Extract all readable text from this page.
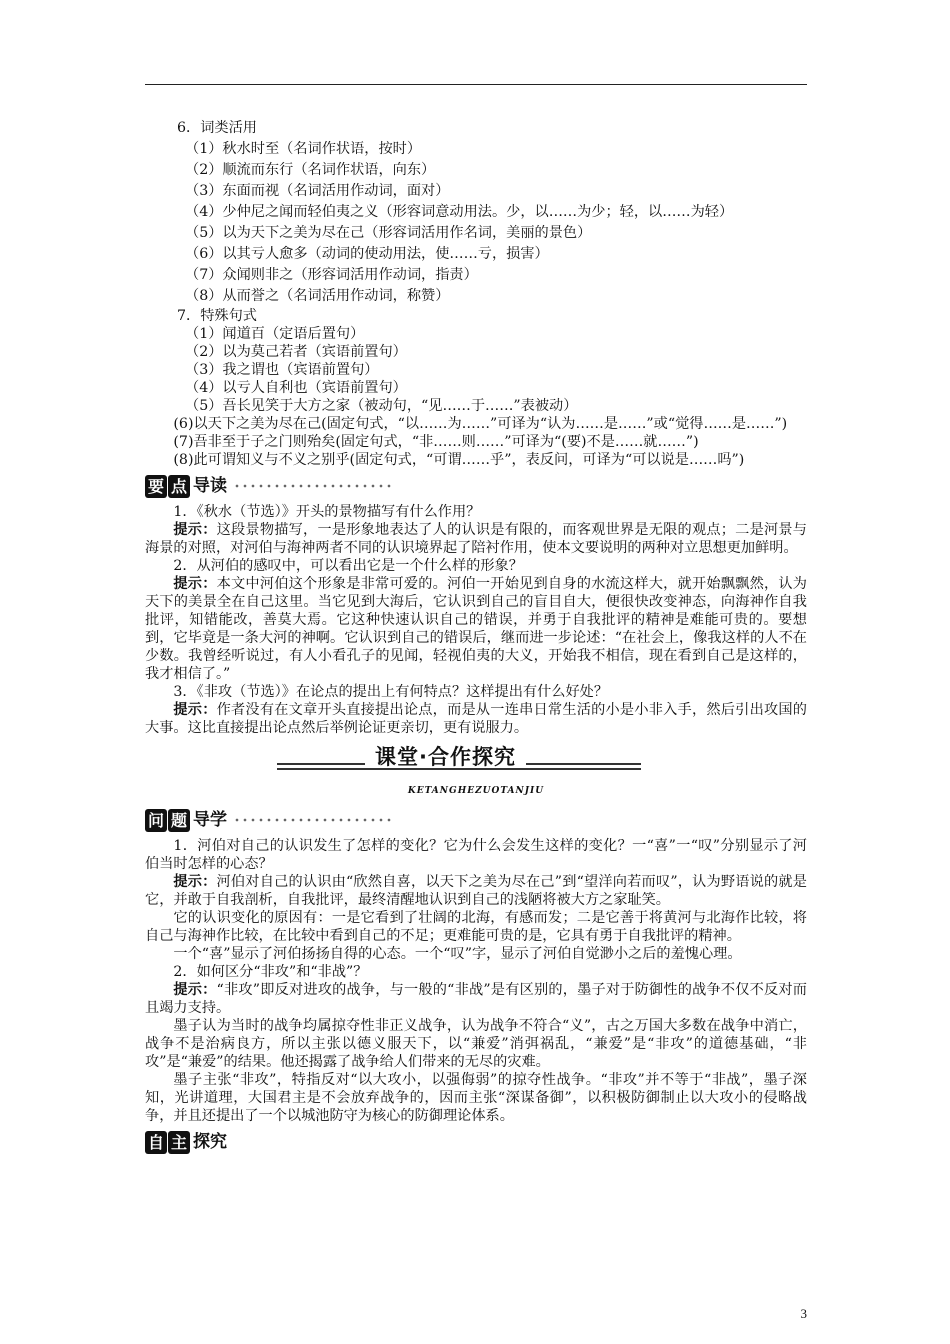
6．词类活用

（1）秋水时至（名词作状语，按时）

（2）顺流而东行（名词作状语，向东）

（3）东面而视（名词活用作动词，面对）

（4）少仲尼之闻而轻伯夷之义（形容词意动用法。少，以……为少；轻，以……为轻）

（5）以为天下之美为尽在己（形容词活用作名词，美丽的景色）

（6）以其亏人愈多（动词的使动用法，使……亏，损害）

（7）众闻则非之（形容词活用作动词，指责）

（8）从而誉之（名词活用作动词，称赞）

7．特殊句式

（1）闻道百（定语后置句）

（2）以为莫己若者（宾语前置句）

（3）我之谓也（宾语前置句）

（4）以亏人自利也（宾语前置句）

（5）吾长见笑于大方之家（被动句，“见……于……”表被动）

(6)以天下之美为尽在己(固定句式，“以……为……”可译为“认为……是……”或“觉得……是……”)

(7)吾非至于子之门则殆矣(固定句式，“非……则……”可译为“(要)不是……就……”)

(8)此可谓知义与不义之别乎(固定句式，“可谓……乎”，表反问，可译为“可以说是……吗”)

要 点 导读

1．《秋水（节选）》开头的景物描写有什么作用？

提示：这段景物描写，一是形象地表达了人的认识是有限的，而客观世界是无限的观点；二是河景与海景的对照，对河伯与海神两者不同的认识境界起了陪衬作用，使本文要说明的两种对立思想更加鲜明。

2．从河伯的感叹中，可以看出它是一个什么样的形象？

提示：本文中河伯这个形象是非常可爱的。河伯一开始见到自身的水流这样大，就开始飘飘然，认为天下的美景全在自己这里。当它见到大海后，它认识到自己的盲目自大，便很快改变神态，向海神作自我批评，知错能改，善莫大焉。它这种快速认识自己的错误，并勇于自我批评的精神是难能可贵的。要想到，它毕竟是一条大河的神啊。它认识到自己的错误后，继而进一步论述：“在社会上，像我这样的人不在少数。我曾经听说过，有人小看孔子的见闻，轻视伯夷的大义，开始我不相信，现在看到自己是这样的，我才相信了。”

3．《非攻（节选）》在论点的提出上有何特点？这样提出有什么好处？

提示：作者没有在文章开头直接提出论点，而是从一连串日常生活的小是小非入手，然后引出攻国的大事。这比直接提出论点然后举例论证更亲切，更有说服力。

课堂·合作探究
KETANGHEZUOTANJIU
问 题 导学

1．河伯对自己的认识发生了怎样的变化？它为什么会发生这样的变化？一“喜”一“叹”分别显示了河伯当时怎样的心态？

提示：河伯对自己的认识由“欣然自喜，以天下之美为尽在己”到“望洋向若而叹”，认为野语说的就是它，并敢于自我剖析，自我批评，最终清醒地认识到自己的浅陋将被大方之家耻笑。

它的认识变化的原因有：一是它看到了壮阔的北海，有感而发；二是它善于将黄河与北海作比较，将自己与海神作比较，在比较中看到自己的不足；更难能可贵的是，它具有勇于自我批评的精神。

一个“喜”显示了河伯扬扬自得的心态。一个“叹”字，显示了河伯自觉渺小之后的羞愧心理。

2．如何区分“非攻”和“非战”？

提示：“非攻”即反对进攻的战争，与一般的“非战”是有区别的，墨子对于防御性的战争不仅不反对而且竭力支持。

墨子认为当时的战争均属掠夺性非正义战争，认为战争不符合“义”，古之万国大多数在战争中消亡，战争不是治病良方，所以主张以德义服天下，以“兼爱”消弭祸乱，“兼爱”是“非攻”的道德基础，“非攻”是“兼爱”的结果。他还揭露了战争给人们带来的无尽的灾难。

墨子主张“非攻”，特指反对“以大攻小，以强侮弱”的掠夺性战争。“非攻”并不等于“非战”，墨子深知，光讲道理，大国君主是不会放弃战争的，因而主张“深谋备御”，以积极防御制止以大攻小的侵略战争，并且还提出了一个以城池防守为核心的防御理论体系。

自 主 探究
3
